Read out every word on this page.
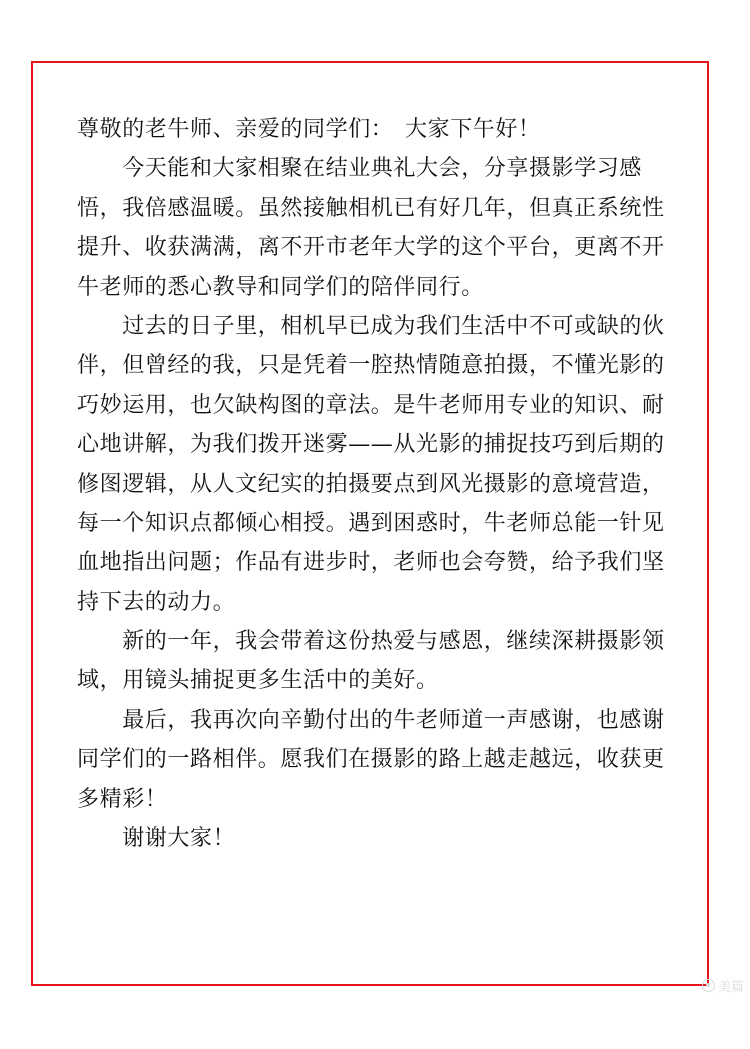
尊敬的老牛师、亲爱的同学们：　大家下午好！
　　今天能和大家相聚在结业典礼大会，分享摄影学习感
悟，我倍感温暖。虽然接触相机已有好几年，但真正系统性
提升、收获满满，离不开市老年大学的这个平台，更离不开
牛老师的悉心教导和同学们的陪伴同行。
　　过去的日子里，相机早已成为我们生活中不可或缺的伙
伴，但曾经的我，只是凭着一腔热情随意拍摄，不懂光影的
巧妙运用，也欠缺构图的章法。是牛老师用专业的知识、耐
心地讲解，为我们拨开迷雾——从光影的捕捉技巧到后期的
修图逻辑，从人文纪实的拍摄要点到风光摄影的意境营造，
每一个知识点都倾心相授。遇到困惑时，牛老师总能一针见
血地指出问题；作品有进步时，老师也会夸赞，给予我们坚
持下去的动力。
　　新的一年，我会带着这份热爱与感恩，继续深耕摄影领
域，用镜头捕捉更多生活中的美好。
　　最后，我再次向辛勤付出的牛老师道一声感谢，也感谢
同学们的一路相伴。愿我们在摄影的路上越走越远，收获更
多精彩！
　　谢谢大家！
美篇
